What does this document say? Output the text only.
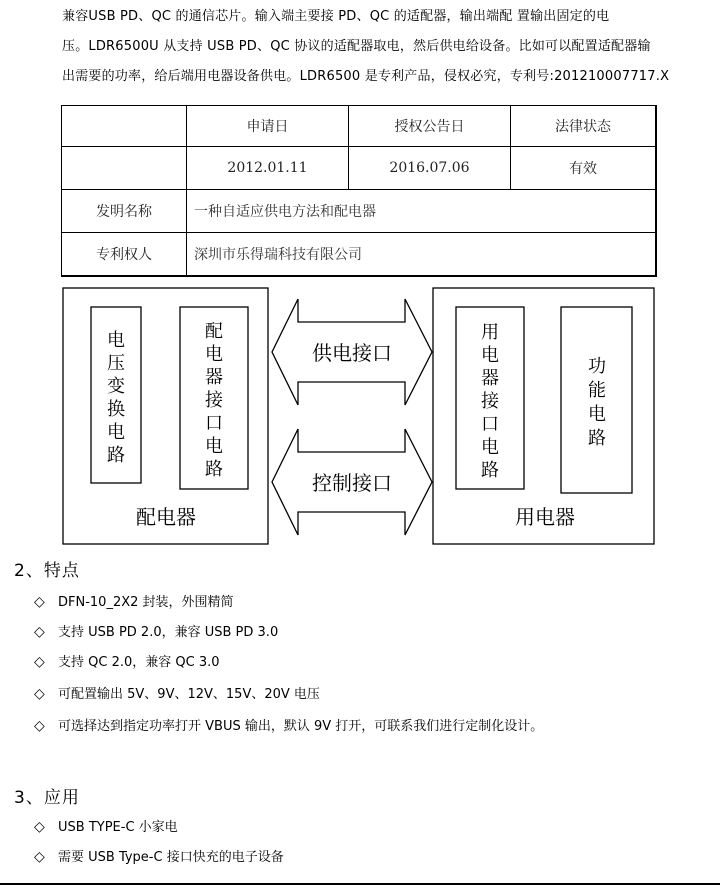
兼容USB PD、QC 的通信芯片。输入端主要接 PD、QC 的适配器，输出端配 置输出固定的电

压。LDR6500U 从支持 USB PD、QC 协议的适配器取电，然后供电给设备。比如可以配置适配器输

出需要的功率，给后端用电器设备供电。LDR6500 是专利产品，侵权必究，专利号:201210007717.X

	申请日	授权公告日	法律状态
	2012.01.11	2016.07.06	有效
发明名称	一种自适应供电方法和配电器		
专利权人	深圳市乐得瑞科技有限公司		
供电接口
控制接口
配电器	用电器
电
压
变
换
电
路
配
电
器
接
口
电
路
用
电
器
接
口
电
路
功
能
电
路
2、特点
◇ DFN-10_2X2 封装，外围精简
◇ 支持 USB PD 2.0，兼容 USB PD 3.0
◇ 支持 QC 2.0，兼容 QC 3.0
◇ 可配置输出 5V、9V、12V、15V、20V 电压
◇ 可选择达到指定功率打开 VBUS 输出，默认 9V 打开，可联系我们进行定制化设计。
3、应用
◇ USB TYPE-C 小家电
◇ 需要 USB Type-C 接口快充的电子设备
